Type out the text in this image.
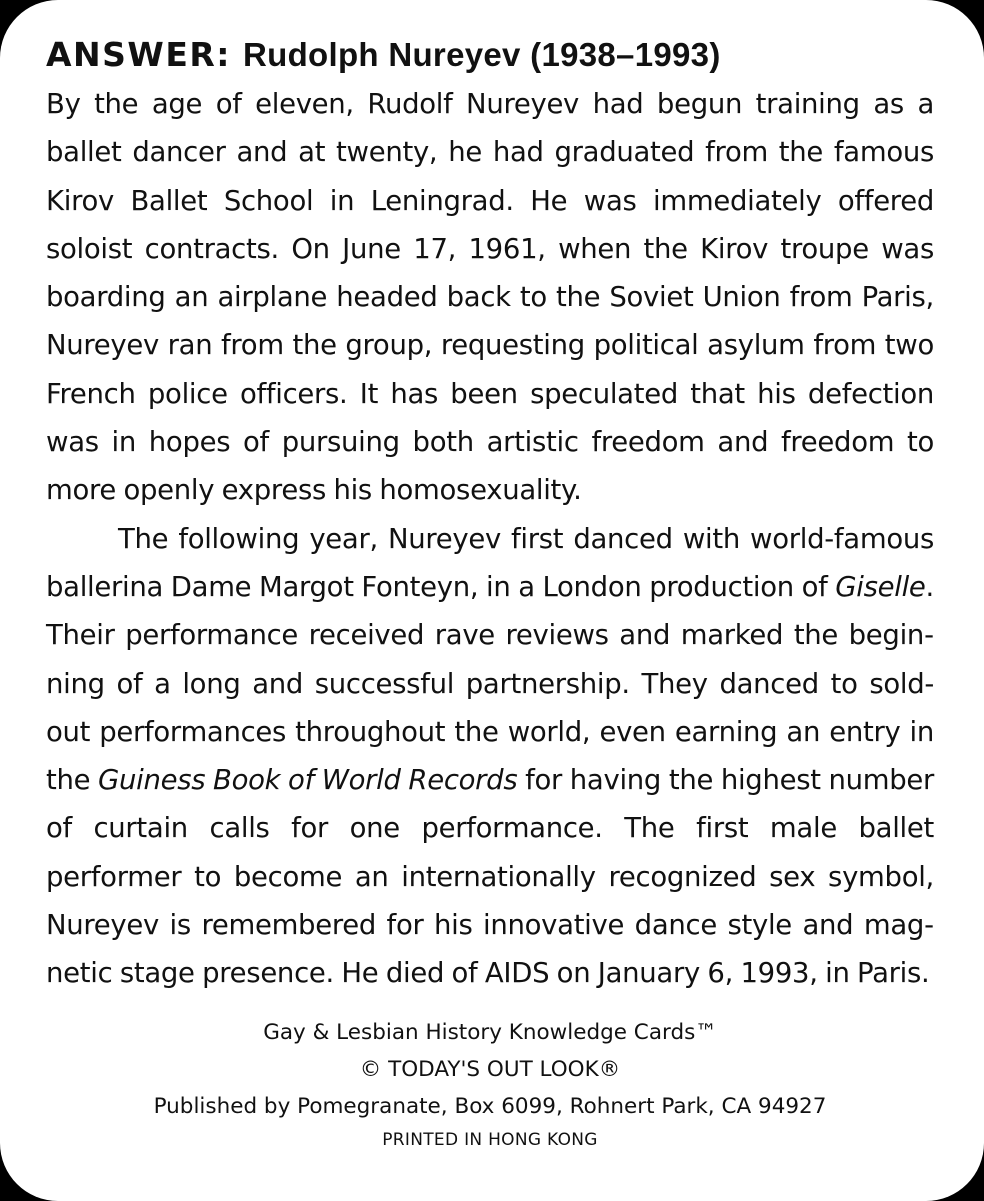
ANSWER: Rudolph Nureyev (1938–1993)

By the age of eleven, Rudolf Nureyev had begun training as a ballet dancer and at twenty, he had graduated from the famous Kirov Ballet School in Leningrad. He was immediately offered soloist contracts. On June 17, 1961, when the Kirov troupe was boarding an airplane headed back to the Soviet Union from Paris, Nureyev ran from the group, requesting political asylum from two French police officers. It has been speculated that his defection was in hopes of pursuing both artistic freedom and freedom to more openly express his homosexuality.

The following year, Nureyev first danced with world-famous ballerina Dame Margot Fonteyn, in a London production of Giselle. Their performance received rave reviews and marked the beginning of a long and successful partnership. They danced to sold-out performances throughout the world, even earning an entry in the Guiness Book of World Records for having the highest number of curtain calls for one performance. The first male ballet performer to become an internationally recognized sex symbol, Nureyev is remembered for his innovative dance style and magnetic stage presence. He died of AIDS on January 6, 1993, in Paris.

Gay & Lesbian History Knowledge Cards™
© TODAY'S OUT LOOK®
Published by Pomegranate, Box 6099, Rohnert Park, CA 94927
PRINTED IN HONG KONG
